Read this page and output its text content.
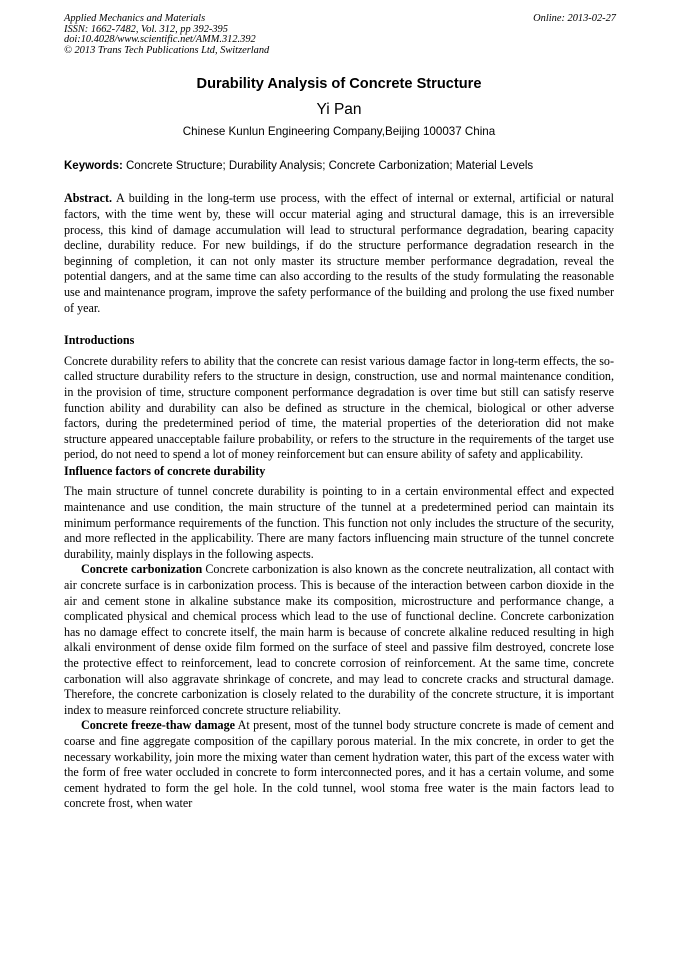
Applied Mechanics and Materials
ISSN: 1662-7482, Vol. 312, pp 392-395
doi:10.4028/www.scientific.net/AMM.312.392
© 2013 Trans Tech Publications Ltd, Switzerland
Online: 2013-02-27
Durability Analysis of Concrete Structure
Yi Pan
Chinese Kunlun Engineering Company,Beijing 100037 China
Keywords: Concrete Structure; Durability Analysis; Concrete Carbonization; Material Levels

Abstract. A building in the long-term use process, with the effect of internal or external, artificial or natural factors, with the time went by, these will occur material aging and structural damage, this is an irreversible process, this kind of damage accumulation will lead to structural performance degradation, bearing capacity decline, durability reduce. For new buildings, if do the structure performance degradation research in the beginning of completion, it can not only master its structure member performance degradation, reveal the potential dangers, and at the same time can also according to the results of the study formulating the reasonable use and maintenance program, improve the safety performance of the building and prolong the use fixed number of year.

Introductions

Concrete durability refers to ability that the concrete can resist various damage factor in long-term effects, the so-called structure durability refers to the structure in design, construction, use and normal maintenance condition, in the provision of time, structure component performance degradation is over time but still can satisfy reserve function ability and durability can also be defined as structure in the chemical, biological or other adverse factors, during the predetermined period of time, the material properties of the deterioration did not make structure appeared unacceptable failure probability, or refers to the structure in the requirements of the target use period, do not need to spend a lot of money reinforcement but can ensure ability of safety and applicability.

Influence factors of concrete durability

The main structure of tunnel concrete durability is pointing to in a certain environmental effect and expected maintenance and use condition, the main structure of the tunnel at a predetermined period can maintain its minimum performance requirements of the function. This function not only includes the structure of the security, and more reflected in the applicability. There are many factors influencing main structure of the tunnel concrete durability, mainly displays in the following aspects.

Concrete carbonization Concrete carbonization is also known as the concrete neutralization, all contact with air concrete surface is in carbonization process. This is because of the interaction between carbon dioxide in the air and cement stone in alkaline substance make its composition, microstructure and performance change, a complicated physical and chemical process which lead to the use of functional decline. Concrete carbonization has no damage effect to concrete itself, the main harm is because of concrete alkaline reduced resulting in high alkali environment of dense oxide film formed on the surface of steel and passive film destroyed, concrete lose the protective effect to reinforcement, lead to concrete corrosion of reinforcement. At the same time, concrete carbonation will also aggravate shrinkage of concrete, and may lead to concrete cracks and structural damage. Therefore, the concrete carbonization is closely related to the durability of the concrete structure, it is important index to measure reinforced concrete structure reliability.

Concrete freeze-thaw damage At present, most of the tunnel body structure concrete is made of cement and coarse and fine aggregate composition of the capillary porous material. In the mix concrete, in order to get the necessary workability, join more the mixing water than cement hydration water, this part of the excess water with the form of free water occluded in concrete to form interconnected pores, and it has a certain volume, and some cement hydrated to form the gel hole. In the cold tunnel, wool stoma free water is the main factors lead to concrete frost, when water
